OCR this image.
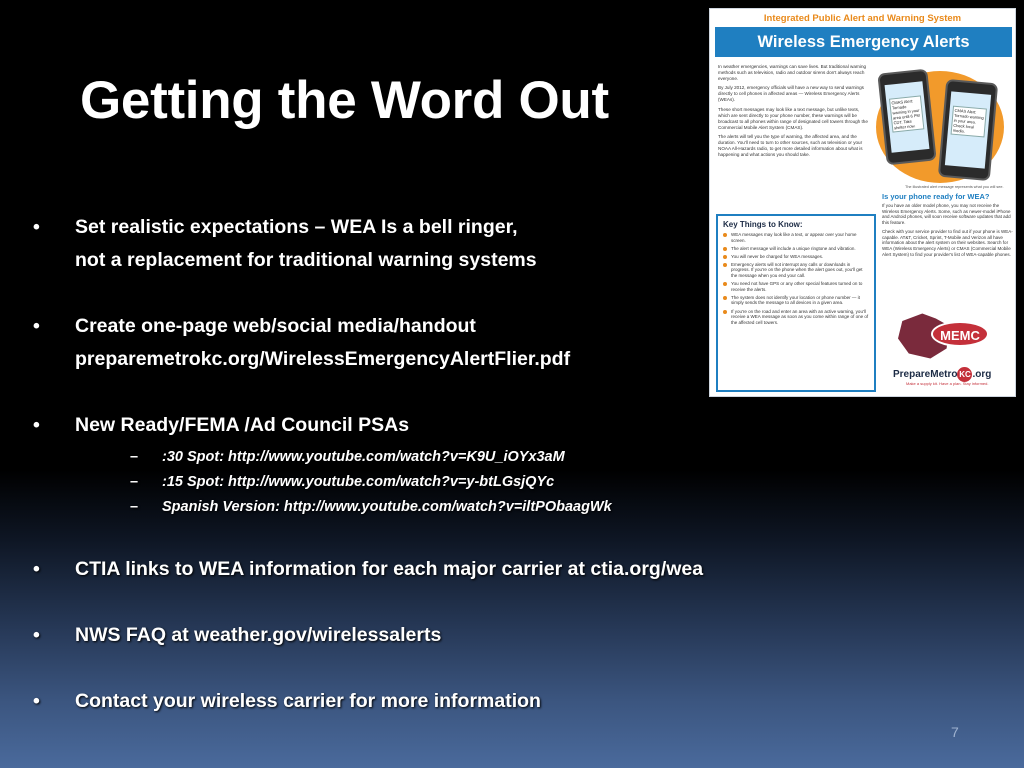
Getting the Word Out
•	Set realistic expectations – WEA Is a bell ringer,
not a replacement for traditional warning systems
•	Create one-page web/social media/handout
preparemetrokc.org/WirelessEmergencyAlertFlier.pdf
•	New Ready/FEMA /Ad Council PSAs
– :30 Spot: http://www.youtube.com/watch?v=K9U_iOYx3aM
– :15 Spot: http://www.youtube.com/watch?v=y-btLGsjQYc
– Spanish Version: http://www.youtube.com/watch?v=iltPObaagWk
•	CTIA links to WEA information for each major carrier at ctia.org/wea
•	NWS FAQ at weather.gov/wirelessalerts
•	Contact your wireless carrier for more information
Integrated Public Alert and Warning System
Wireless Emergency Alerts

In weather emergencies, warnings can save lives. But traditional warning methods such as television, radio and outdoor sirens don't always reach everyone.

By July 2012, emergency officials will have a new way to send warnings directly to cell phones in affected areas — Wireless Emergency Alerts (WEAs).

These short messages may look like a text message, but unlike texts, which are sent directly to your phone number, these warnings will be broadcast to all phones within range of designated cell towers through the Commercial Mobile Alert System (CMAS).

The alerts will tell you the type of warning, the affected area, and the duration. You'll need to turn to other sources, such as television or your NOAA All-Hazards radio, to get more detailed information about what is happening and what actions you should take.

CMAS Alert: Tornado warning in your area until 6 PM CDT. Take shelter now.
CMAS Alert: Tornado warning in your area. Check local media.
The illustrated alert message represents what you will see.
Key Things to Know:
WEA messages may look like a text, or appear over your home screen.
The alert message will include a unique ringtone and vibration.
You will never be charged for WEA messages.
Emergency alerts will not interrupt any calls or downloads in progress. If you're on the phone when the alert goes out, you'll get the message when you end your call.
You need not have GPS or any other special features turned on to receive the alerts.
The system does not identify your location or phone number — it simply sends the message to all devices in a given area.
If you're on the road and enter an area with an active warning, you'll receive a WEA message as soon as you come within range of one of the affected cell towers.
Is your phone ready for WEA?
If you have an older model phone, you may not receive the Wireless Emergency Alerts. Some, such as newer-model iPhone and Android phones, will soon receive software updates that add this feature.
Check with your service provider to find out if your phone is WEA-capable. AT&T, Cricket, Sprint, T-Mobile and Verizon all have information about the alert system on their websites. Search for WEA (Wireless Emergency Alerts) or CMAS (Commercial Mobile Alert System) to find your provider's list of WEA-capable phones.
MEMC
PrepareMetro KC .org
Make a supply kit. Have a plan. Stay informed.
7
